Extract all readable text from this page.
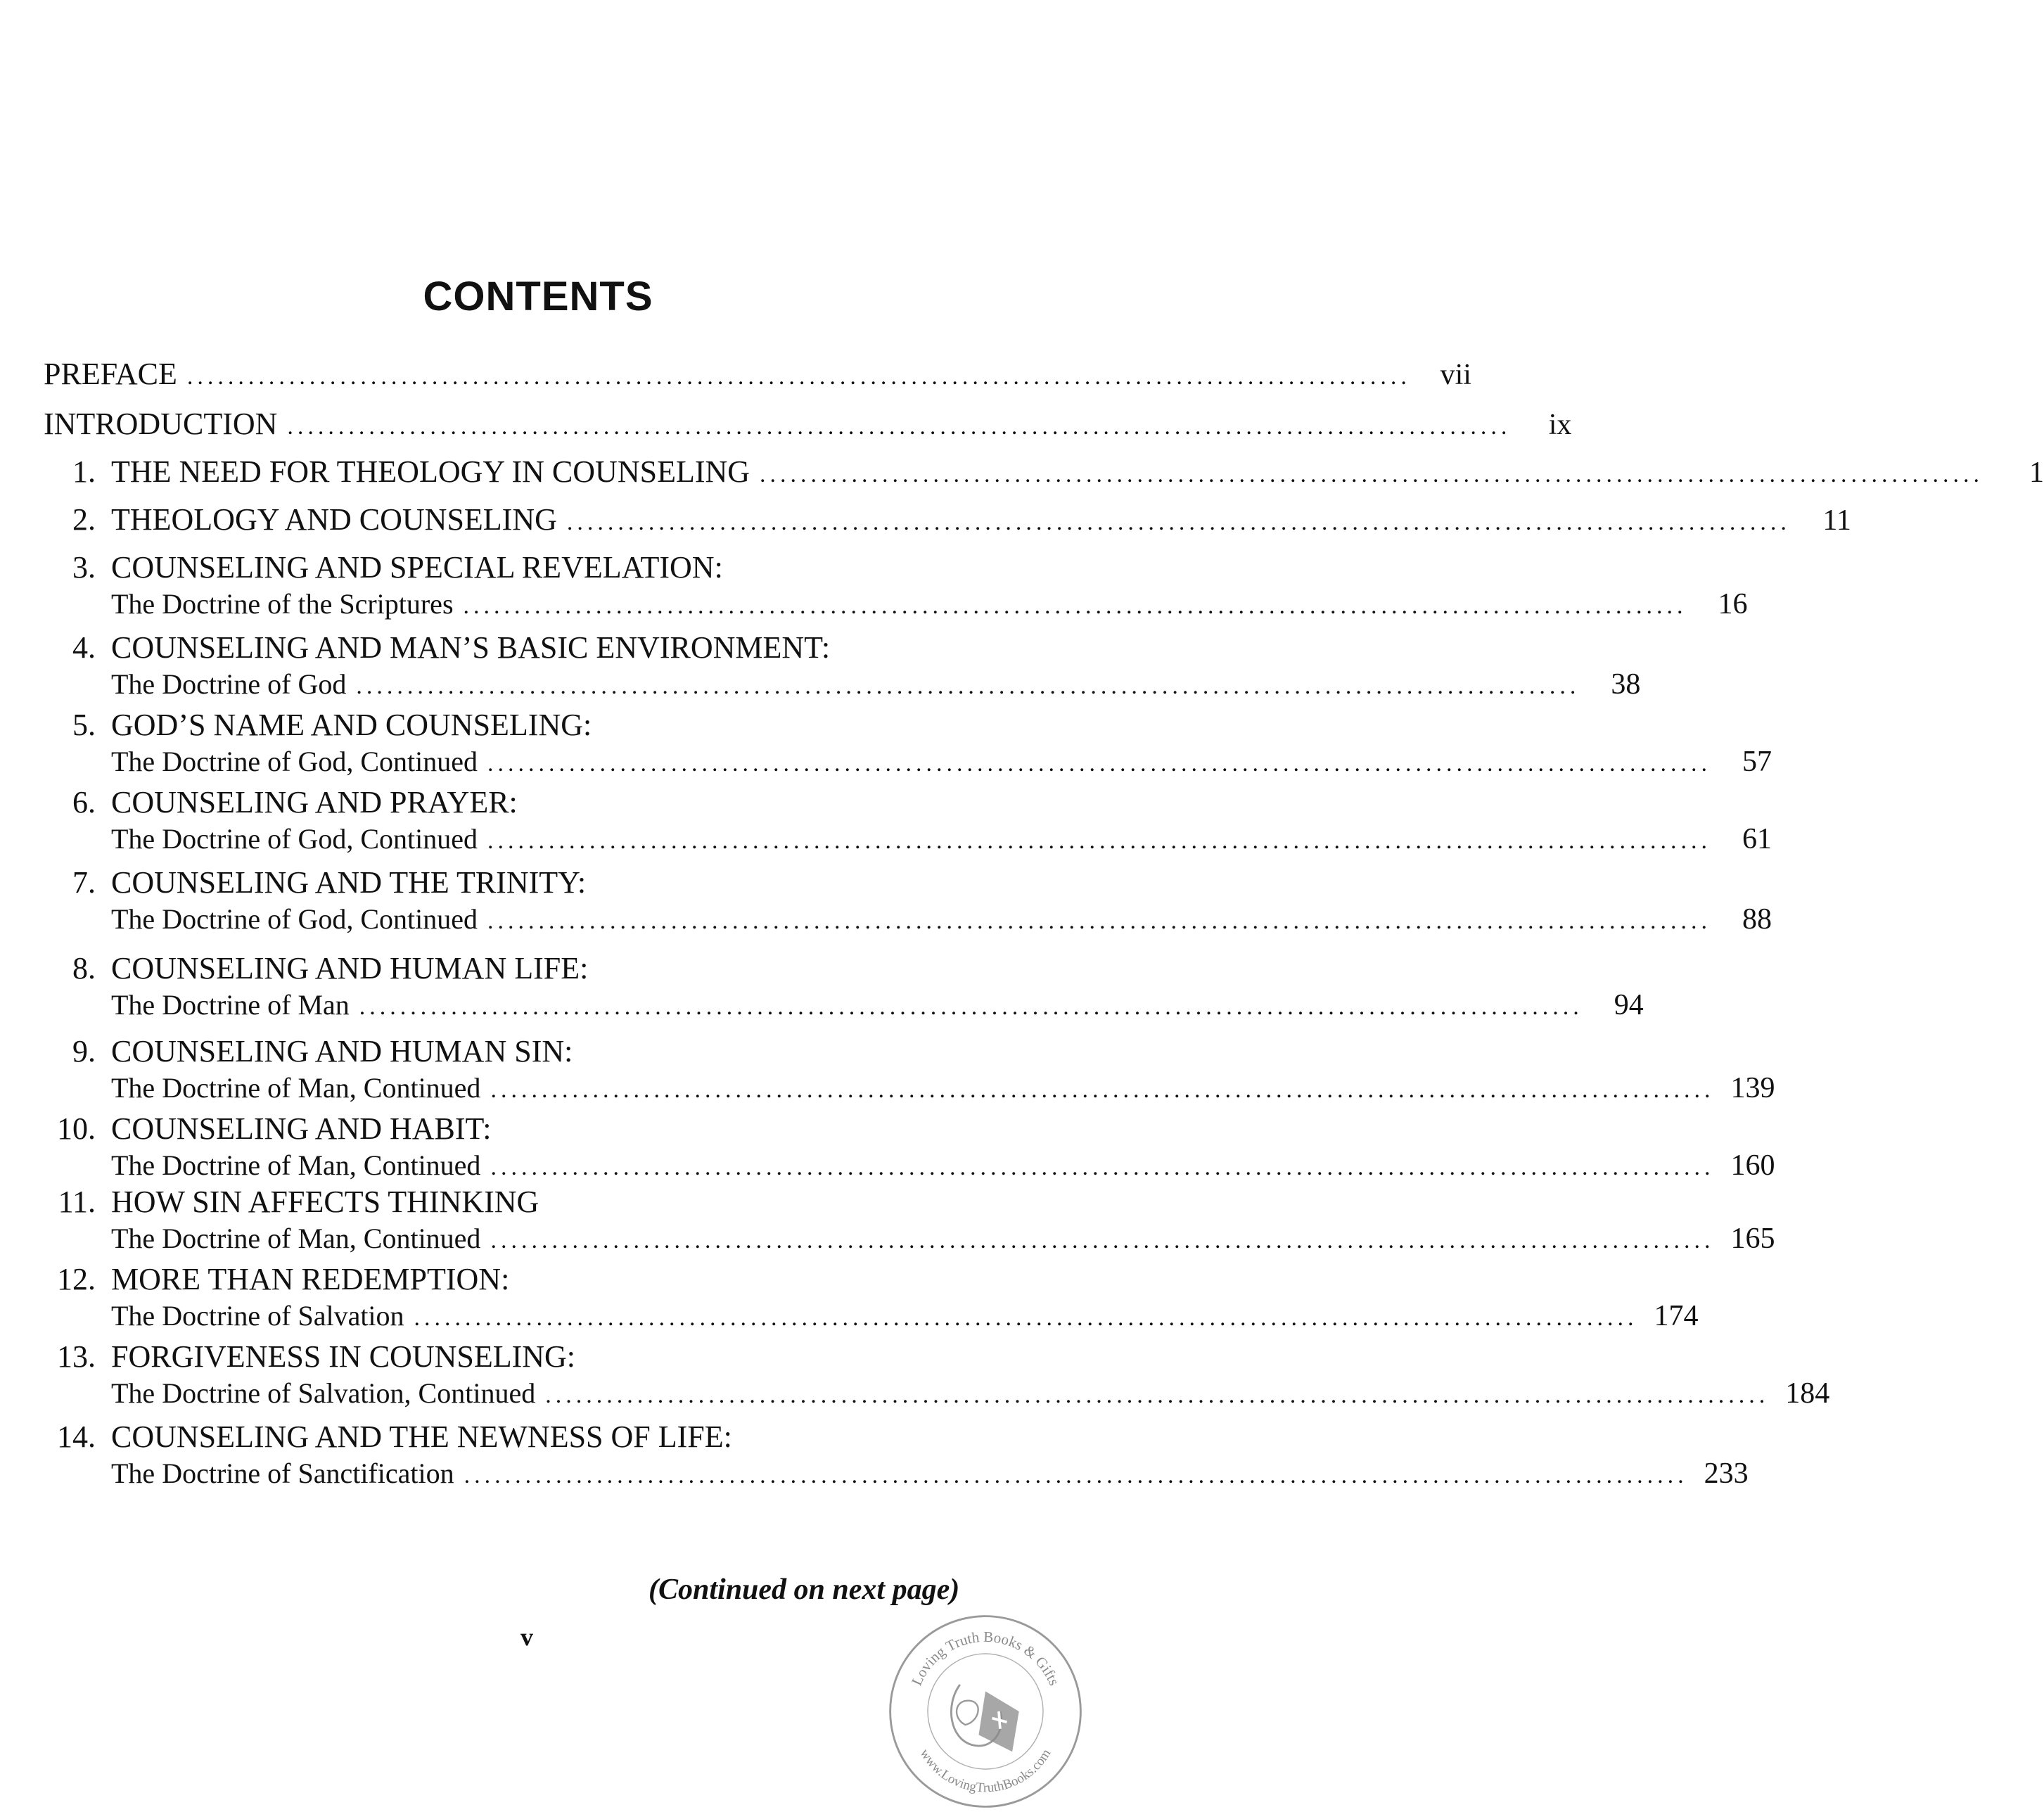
CONTENTS
PREFACE ........................................................................................................................ vii
INTRODUCTION ........................................................................................................................	ix
1. THE NEED FOR THEOLOGY IN COUNSELING ........................................................................................................................	1
2. THEOLOGY AND COUNSELING ........................................................................................................................	11
3. COUNSELING AND SPECIAL REVELATION:
The Doctrine of the Scriptures ........................................................................................................................	16
4. COUNSELING AND MAN’S BASIC ENVIRONMENT:
The Doctrine of God ........................................................................................................................	38
5. GOD’S NAME AND COUNSELING:
The Doctrine of God, Continued ........................................................................................................................	57
6. COUNSELING AND PRAYER:
The Doctrine of God, Continued ........................................................................................................................	61
7. COUNSELING AND THE TRINITY:
The Doctrine of God, Continued ........................................................................................................................	88
8. COUNSELING AND HUMAN LIFE:
The Doctrine of Man ........................................................................................................................	94
9. COUNSELING AND HUMAN SIN:
The Doctrine of Man, Continued ........................................................................................................................ 139
10. COUNSELING AND HABIT:
The Doctrine of Man, Continued ........................................................................................................................ 160
11. HOW SIN AFFECTS THINKING
The Doctrine of Man, Continued ........................................................................................................................ 165
12. MORE THAN REDEMPTION:
The Doctrine of Salvation ........................................................................................................................ 174
13. FORGIVENESS IN COUNSELING:
The Doctrine of Salvation, Continued ........................................................................................................................ 184
14. COUNSELING AND THE NEWNESS OF LIFE:
The Doctrine of Sanctification ........................................................................................................................ 233
(Continued on next page)
v
Loving Truth Books & Gifts
www.LovingTruthBooks.com
